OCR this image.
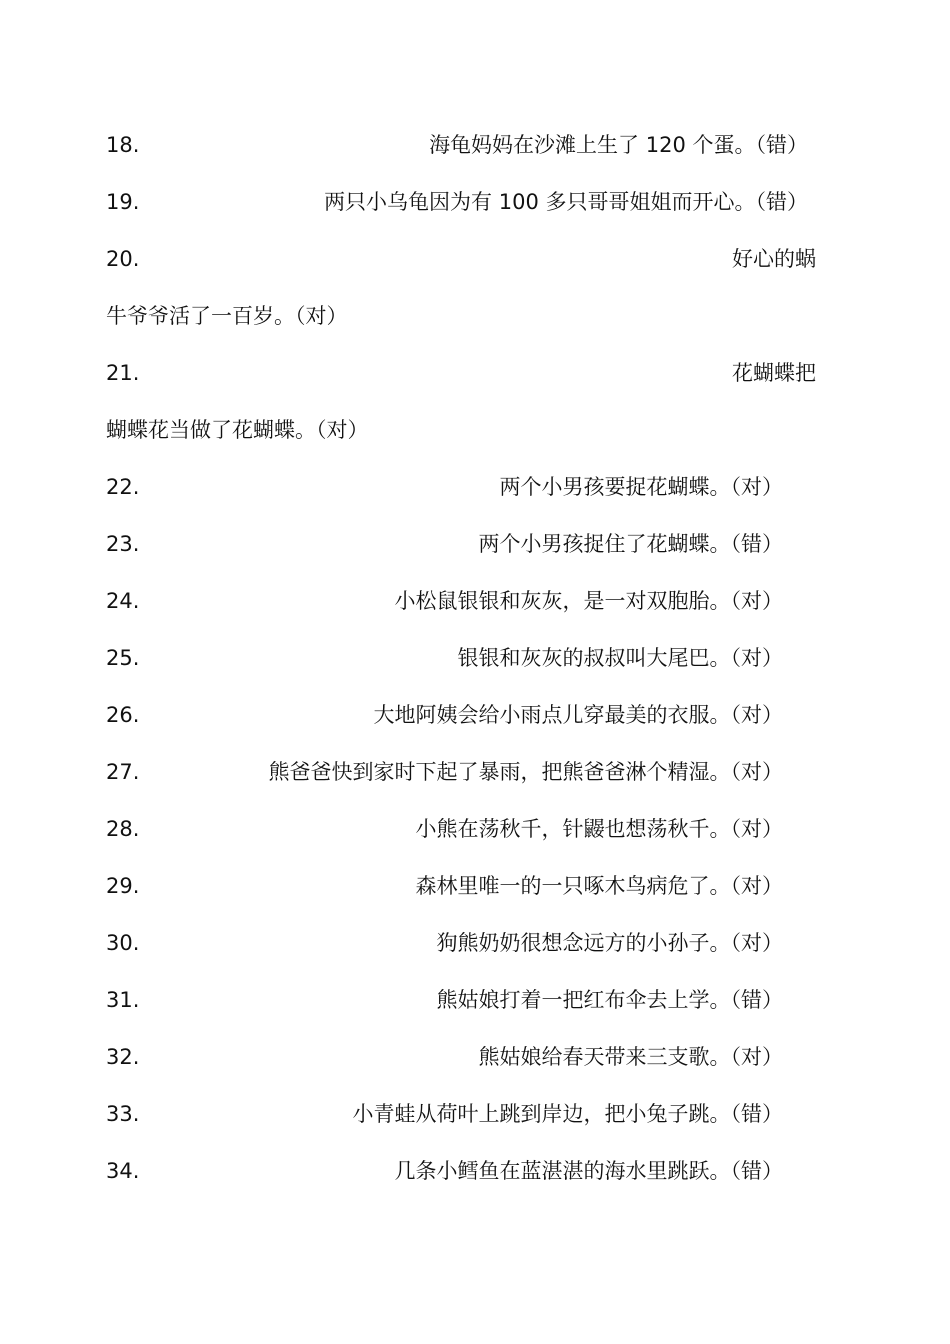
18.	海龟妈妈在沙滩上生了 120 个蛋。（错）
19.	两只小乌龟因为有 100 多只哥哥姐姐而开心。（错）
20.	好心的蜗
牛爷爷活了一百岁。（对）
21.	花蝴蝶把
蝴蝶花当做了花蝴蝶。（对）
22.	两个小男孩要捉花蝴蝶。（对）
23.	两个小男孩捉住了花蝴蝶。（错）
24.	小松鼠银银和灰灰，是一对双胞胎。（对）
25.	银银和灰灰的叔叔叫大尾巴。（对）
26.	大地阿姨会给小雨点儿穿最美的衣服。（对）
27.	熊爸爸快到家时下起了暴雨，把熊爸爸淋个精湿。（对）
28.	小熊在荡秋千，针鼹也想荡秋千。（对）
29.	森林里唯一的一只啄木鸟病危了。（对）
30.	狗熊奶奶很想念远方的小孙子。（对）
31.	熊姑娘打着一把红布伞去上学。（错）
32.	熊姑娘给春天带来三支歌。（对）
33.	小青蛙从荷叶上跳到岸边，把小兔子跳。（错）
34.	几条小鳕鱼在蓝湛湛的海水里跳跃。（错）
